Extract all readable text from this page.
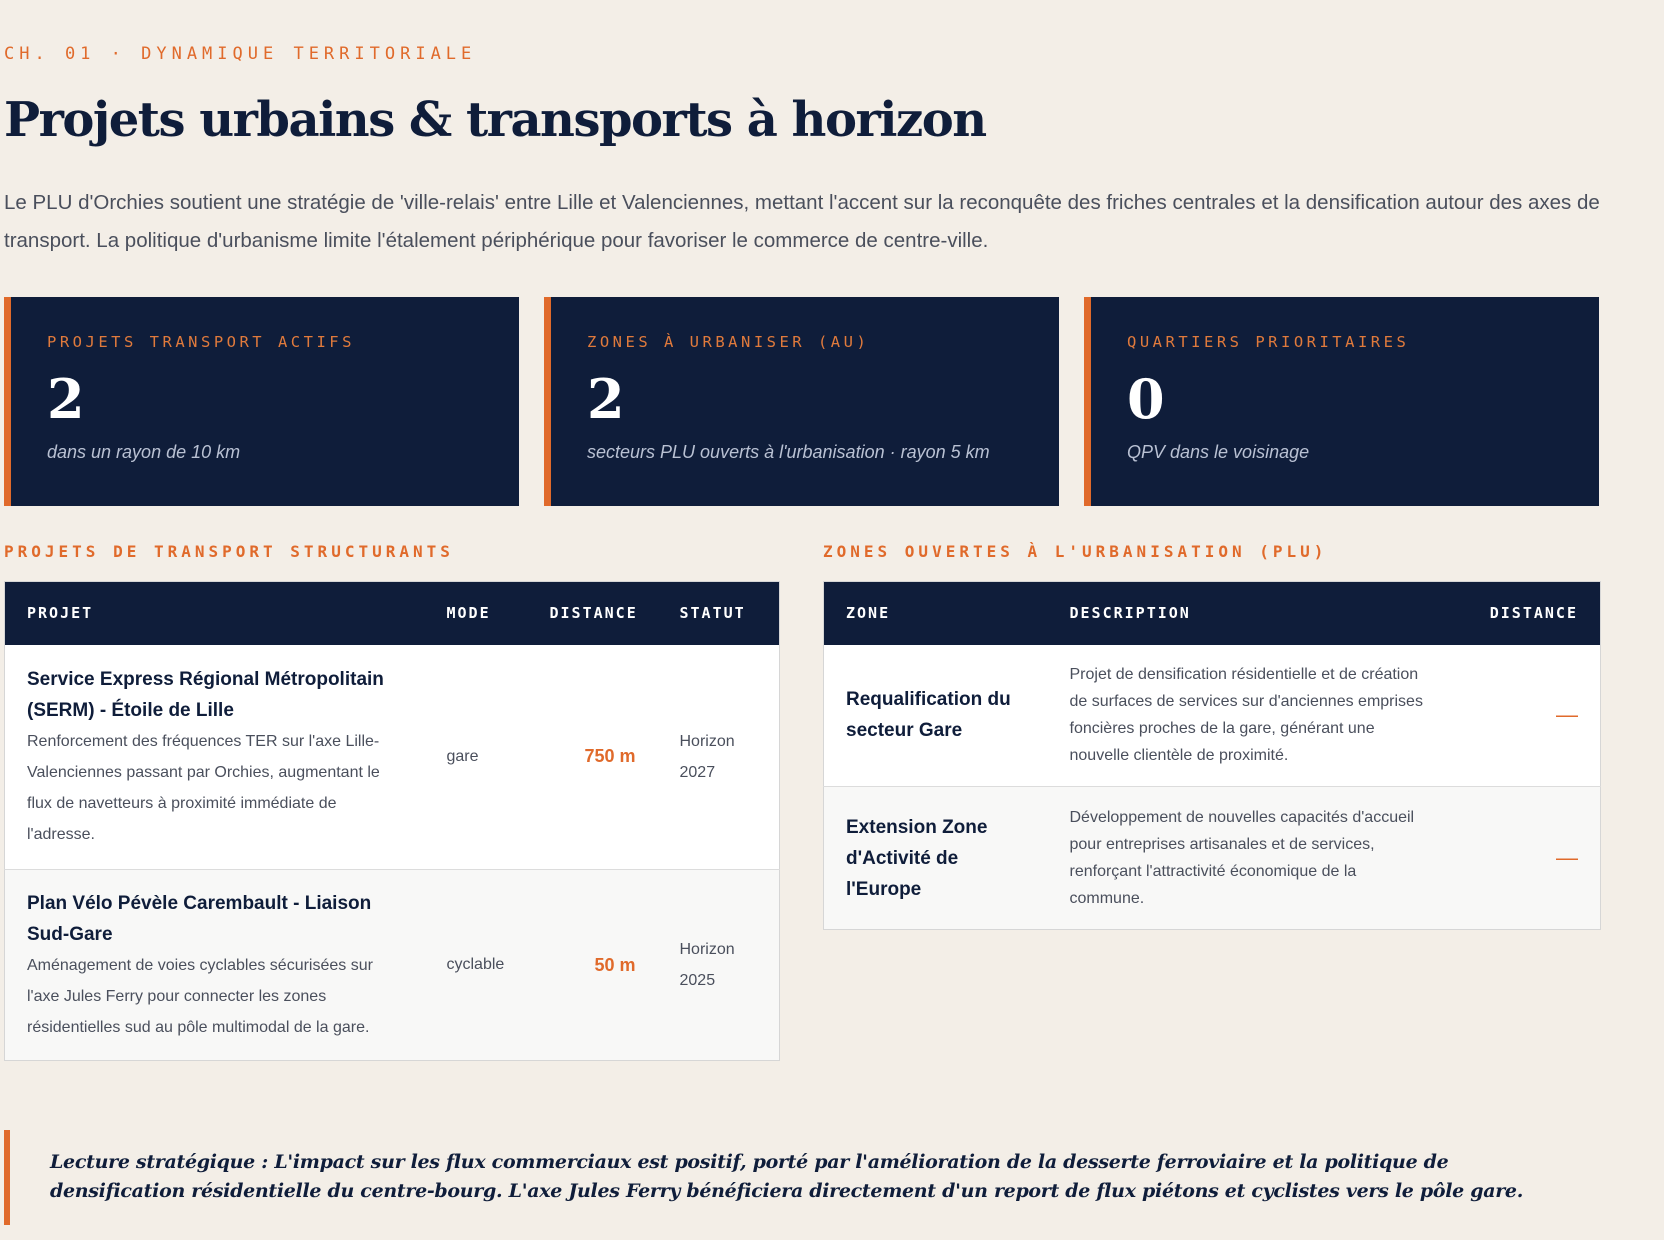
CH. 01 · DYNAMIQUE TERRITORIALE
Projets urbains & transports à horizon

Le PLU d'Orchies soutient une stratégie de 'ville-relais' entre Lille et Valenciennes, mettant l'accent sur la reconquête des friches centrales et la densification autour des axes de transport. La politique d'urbanisme limite l'étalement périphérique pour favoriser le commerce de centre-ville.

PROJETS TRANSPORT ACTIFS
2
dans un rayon de 10 km
ZONES À URBANISER (AU)
2
secteurs PLU ouverts à l'urbanisation · rayon 5 km
QUARTIERS PRIORITAIRES
0
QPV dans le voisinage
PROJETS DE TRANSPORT STRUCTURANTS	ZONES OUVERTES À L'URBANISATION (PLU)
PROJET	MODE	DISTANCE	STATUT

Service Express Régional Métropolitain (SERM) - Étoile de Lille
Renforcement des fréquences TER sur l'axe Lille-Valenciennes passant par Orchies, augmentant le flux de navetteurs à proximité immédiate de l'adresse.	gare	750 m	Horizon 2027

Plan Vélo Pévèle Carembault - Liaison Sud-Gare
Aménagement de voies cyclables sécurisées sur l'axe Jules Ferry pour connecter les zones résidentielles sud au pôle multimodal de la gare.	cyclable	50 m	Horizon 2025
ZONE	DESCRIPTION	DISTANCE
Requalification du secteur Gare	Projet de densification résidentielle et de création de surfaces de services sur d'anciennes emprises foncières proches de la gare, générant une nouvelle clientèle de proximité.	—
Extension Zone d'Activité de l'Europe	Développement de nouvelles capacités d'accueil pour entreprises artisanales et de services, renforçant l'attractivité économique de la commune.	—

Lecture stratégique : L'impact sur les flux commerciaux est positif, porté par l'amélioration de la desserte ferroviaire et la politique de densification résidentielle du centre-bourg. L'axe Jules Ferry bénéficiera directement d'un report de flux piétons et cyclistes vers le pôle gare.
